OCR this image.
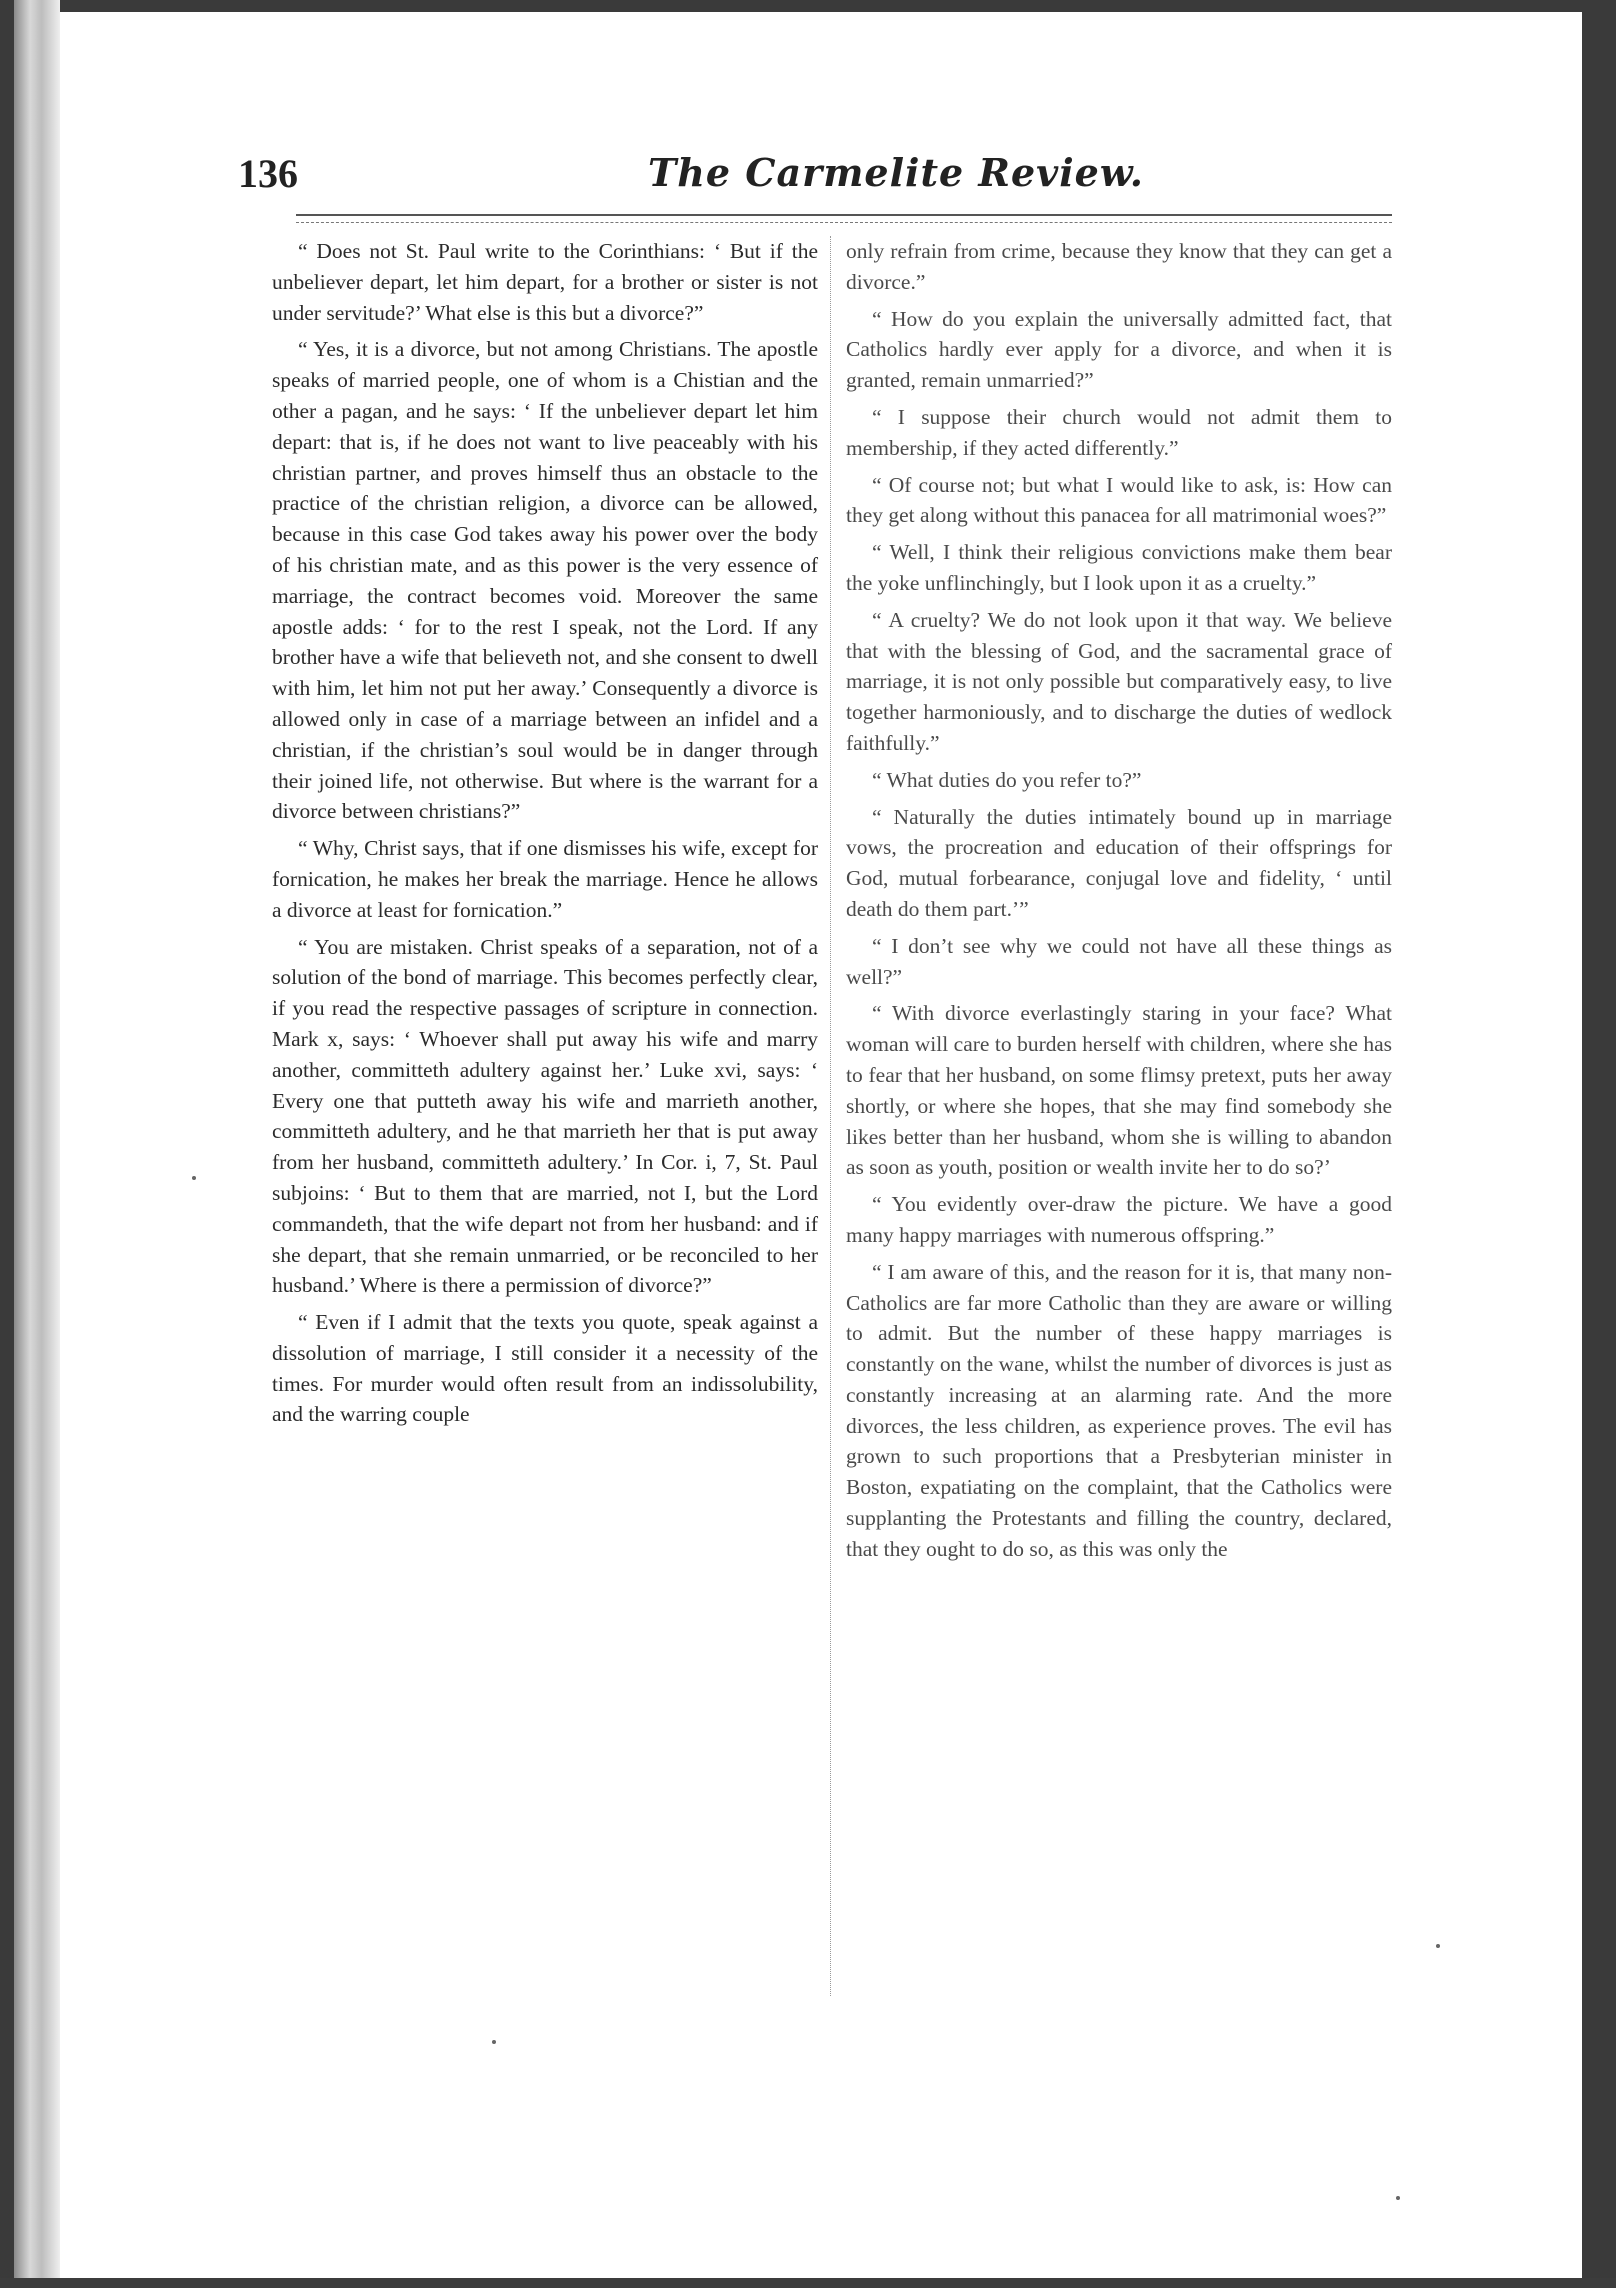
136	The Carmelite Review.

“ Does not St. Paul write to the Corinthians: ‘ But if the unbeliever depart, let him depart, for a brother or sister is not under servitude?’ What else is this but a divorce?”

“ Yes, it is a divorce, but not among Christians. The apostle speaks of married people, one of whom is a Chistian and the other a pagan, and he says: ‘ If the unbeliever depart let him depart: that is, if he does not want to live peaceably with his christian partner, and proves himself thus an obstacle to the practice of the christian religion, a divorce can be allowed, because in this case God takes away his power over the body of his christian mate, and as this power is the very essence of marriage, the contract becomes void. Moreover the same apostle adds: ‘ for to the rest I speak, not the Lord. If any brother have a wife that believeth not, and she consent to dwell with him, let him not put her away.’ Consequently a divorce is allowed only in case of a marriage between an infidel and a christian, if the christian’s soul would be in danger through their joined life, not otherwise. But where is the warrant for a divorce between christians?”

“ Why, Christ says, that if one dismisses his wife, except for fornication, he makes her break the marriage. Hence he allows a divorce at least for fornication.”

“ You are mistaken. Christ speaks of a separation, not of a solution of the bond of marriage. This becomes perfectly clear, if you read the respective passages of scripture in connection. Mark x, says: ‘ Whoever shall put away his wife and marry another, committeth adultery against her.’ Luke xvi, says: ‘ Every one that putteth away his wife and marrieth another, committeth adultery, and he that marrieth her that is put away from her husband, committeth adultery.’ In Cor. i, 7, St. Paul subjoins: ‘ But to them that are married, not I, but the Lord commandeth, that the wife depart not from her husband: and if she depart, that she remain unmarried, or be reconciled to her husband.’ Where is there a permission of divorce?”

“ Even if I admit that the texts you quote, speak against a dissolution of marriage, I still consider it a necessity of the times. For murder would often result from an indissolubility, and the warring couple

only refrain from crime, because they know that they can get a divorce.”

“ How do you explain the universally admitted fact, that Catholics hardly ever apply for a divorce, and when it is granted, remain unmarried?”

“ I suppose their church would not admit them to membership, if they acted differently.”

“ Of course not; but what I would like to ask, is: How can they get along without this panacea for all matrimonial woes?”

“ Well, I think their religious convictions make them bear the yoke unflinchingly, but I look upon it as a cruelty.”

“ A cruelty? We do not look upon it that way. We believe that with the blessing of God, and the sacramental grace of marriage, it is not only possible but comparatively easy, to live together harmoniously, and to discharge the duties of wedlock faithfully.”

“ What duties do you refer to?”

“ Naturally the duties intimately bound up in marriage vows, the procreation and education of their offsprings for God, mutual forbearance, conjugal love and fidelity, ‘ until death do them part.’”

“ I don’t see why we could not have all these things as well?”

“ With divorce everlastingly staring in your face? What woman will care to burden herself with children, where she has to fear that her husband, on some flimsy pretext, puts her away shortly, or where she hopes, that she may find somebody she likes better than her husband, whom she is willing to abandon as soon as youth, position or wealth invite her to do so?’

“ You evidently over-draw the picture. We have a good many happy marriages with numerous offspring.”

“ I am aware of this, and the reason for it is, that many non-Catholics are far more Catholic than they are aware or willing to admit. But the number of these happy marriages is constantly on the wane, whilst the number of divorces is just as constantly increasing at an alarming rate. And the more divorces, the less children, as experience proves. The evil has grown to such proportions that a Presbyterian minister in Boston, expatiating on the complaint, that the Catholics were supplanting the Protestants and filling the country, declared, that they ought to do so, as this was only the
